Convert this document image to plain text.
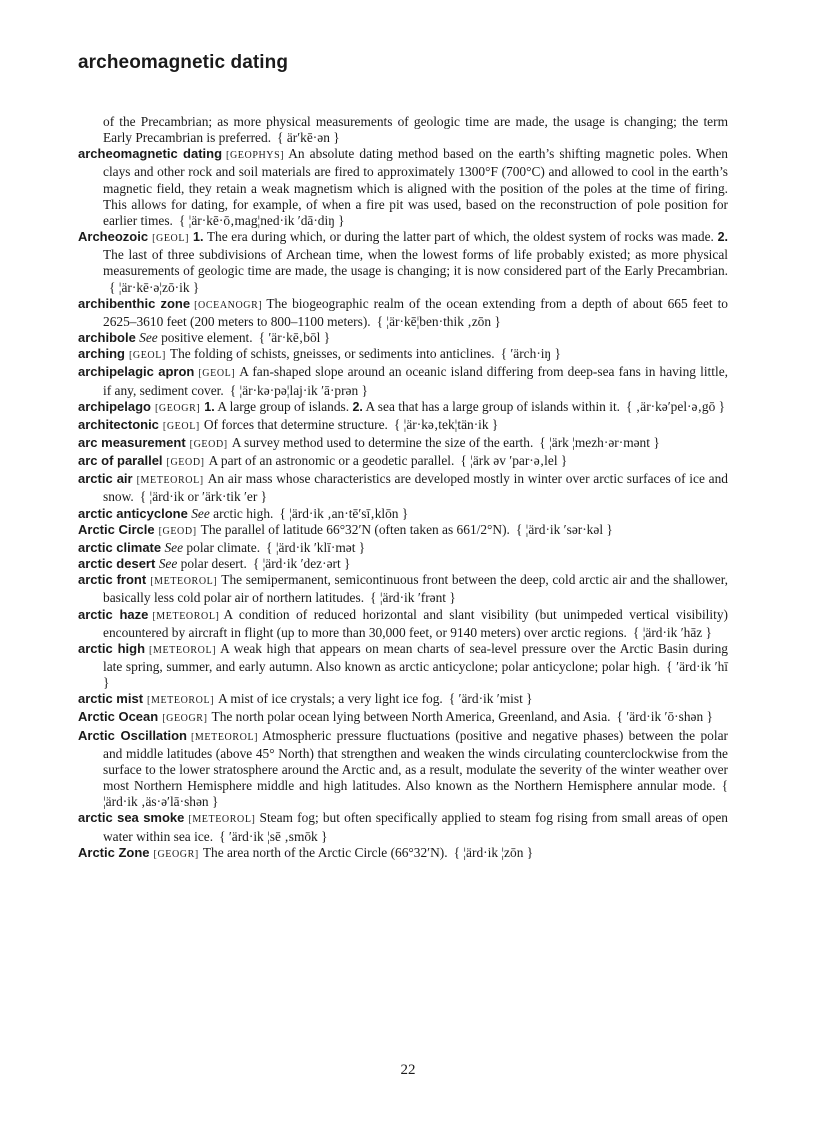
archeomagnetic dating
of the Precambrian; as more physical measurements of geologic time are made, the usage is changing; the term Early Precambrian is preferred. { är′kē·ən }
archeomagnetic dating [GEOPHYS] An absolute dating method based on the earth’s shifting magnetic poles. When clays and other rock and soil materials are fired to approximately 1300°F (700°C) and allowed to cool in the earth’s magnetic field, they retain a weak magnetism which is aligned with the position of the poles at the time of firing. This allows for dating, for example, of when a fire pit was used, based on the reconstruction of pole position for earlier times. { ¦är·kē·ō‚mag¦ned·ik ′dā·diŋ }
Archeozoic [GEOL] 1. The era during which, or during the latter part of which, the oldest system of rocks was made. 2. The last of three subdivisions of Archean time, when the lowest forms of life probably existed; as more physical measurements of geologic time are made, the usage is changing; it is now considered part of the Early Precambrian.{ ¦är·kē·ə¦zō·ik }
archibenthic zone [OCEANOGR] The biogeographic realm of the ocean extending from a depth of about 665 feet to 2625–3610 feet (200 meters to 800–1100 meters). { ¦är·kē¦ben·thik ‚zōn }
archibole See positive element. { ′är·kē‚bōl }
arching [GEOL] The folding of schists, gneisses, or sediments into anticlines. { ′ärch·iŋ }
archipelagic apron [GEOL] A fan-shaped slope around an oceanic island differing from deep-sea fans in having little, if any, sediment cover. { ¦är·kə·pə¦laj·ik ′ā·prən }
archipelago [GEOGR] 1. A large group of islands. 2. A sea that has a large group of islands within it. { ‚är·kə′pel·ə‚gō }
architectonic [GEOL] Of forces that determine structure. { ¦är·kə‚tek¦tän·ik }
arc measurement [GEOD] A survey method used to determine the size of the earth. { ¦ärk ¦mezh·ər·mənt }
arc of parallel [GEOD] A part of an astronomic or a geodetic parallel. { ¦ärk əv ′par·ə‚lel }
arctic air [METEOROL] An air mass whose characteristics are developed mostly in winter over arctic surfaces of ice and snow. { ¦ärd·ik or ′ärk·tik ′er }
arctic anticyclone See arctic high. { ¦ärd·ik ‚an·tē′sī‚klōn }
Arctic Circle [GEOD] The parallel of latitude 66°32′N (often taken as 661/2°N). { ¦ärd·ik ′sər·kəl }
arctic climate See polar climate. { ¦ärd·ik ′klī·mət }
arctic desert See polar desert. { ¦ärd·ik ′dez·ərt }
arctic front [METEOROL] The semipermanent, semicontinuous front between the deep, cold arctic air and the shallower, basically less cold polar air of northern latitudes. { ¦ärd·ik ′frənt }
arctic haze [METEOROL] A condition of reduced horizontal and slant visibility (but unimpeded vertical visibility) encountered by aircraft in flight (up to more than 30,000 feet, or 9140 meters) over arctic regions. { ¦ärd·ik ′hāz }
arctic high [METEOROL] A weak high that appears on mean charts of sea-level pressure over the Arctic Basin during late spring, summer, and early autumn. Also known as arctic anticyclone; polar anticyclone; polar high. { ′ärd·ik ′hī }
arctic mist [METEOROL] A mist of ice crystals; a very light ice fog. { ′ärd·ik ′mist }
Arctic Ocean [GEOGR] The north polar ocean lying between North America, Greenland, and Asia. { ′ärd·ik ′ō·shən }
Arctic Oscillation [METEOROL] Atmospheric pressure fluctuations (positive and negative phases) between the polar and middle latitudes (above 45° North) that strengthen and weaken the winds circulating counterclockwise from the surface to the lower stratosphere around the Arctic and, as a result, modulate the severity of the winter weather over most Northern Hemisphere middle and high latitudes. Also known as the Northern Hemisphere annular mode. { ¦ärd·ik ‚äs·ə′lā·shən }
arctic sea smoke [METEOROL] Steam fog; but often specifically applied to steam fog rising from small areas of open water within sea ice. { ′ärd·ik ¦sē ‚smōk }
Arctic Zone [GEOGR] The area north of the Arctic Circle (66°32′N). { ¦ärd·ik ¦zōn }
22
